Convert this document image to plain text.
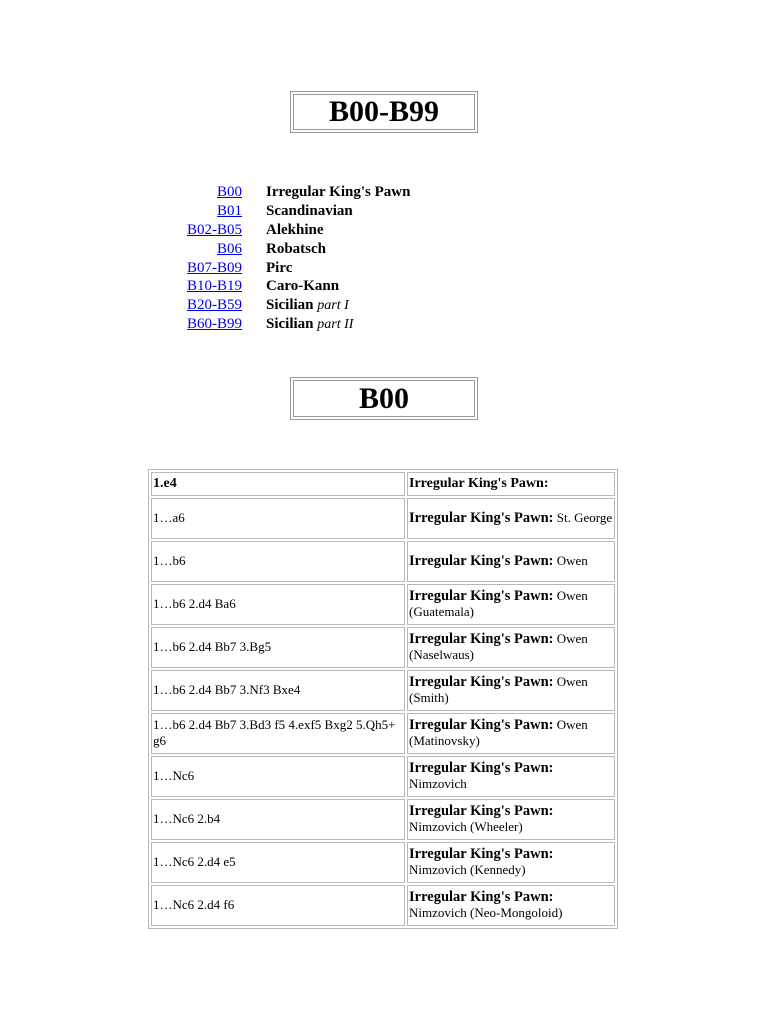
B00-B99
B00	Irregular King's Pawn
B01	Scandinavian
B02-B05	Alekhine
B06	Robatsch
B07-B09	Pirc
B10-B19	Caro-Kann
B20-B59	Sicilian part I
B60-B99	Sicilian part II
B00
1.e4	Irregular King's Pawn:
1…a6	Irregular King's Pawn: St. George
1…b6	Irregular King's Pawn: Owen
1…b6 2.d4 Ba6	Irregular King's Pawn: Owen (Guatemala)
1…b6 2.d4 Bb7 3.Bg5	Irregular King's Pawn: Owen (Naselwaus)
1…b6 2.d4 Bb7 3.Nf3 Bxe4	Irregular King's Pawn: Owen (Smith)
1…b6 2.d4 Bb7 3.Bd3 f5 4.exf5 Bxg2 5.Qh5+ g6	Irregular King's Pawn: Owen (Matinovsky)
1…Nc6	Irregular King's Pawn: Nimzovich
1…Nc6 2.b4	Irregular King's Pawn: Nimzovich (Wheeler)
1…Nc6 2.d4 e5	Irregular King's Pawn: Nimzovich (Kennedy)
1…Nc6 2.d4 f6	Irregular King's Pawn: Nimzovich (Neo-Mongoloid)
